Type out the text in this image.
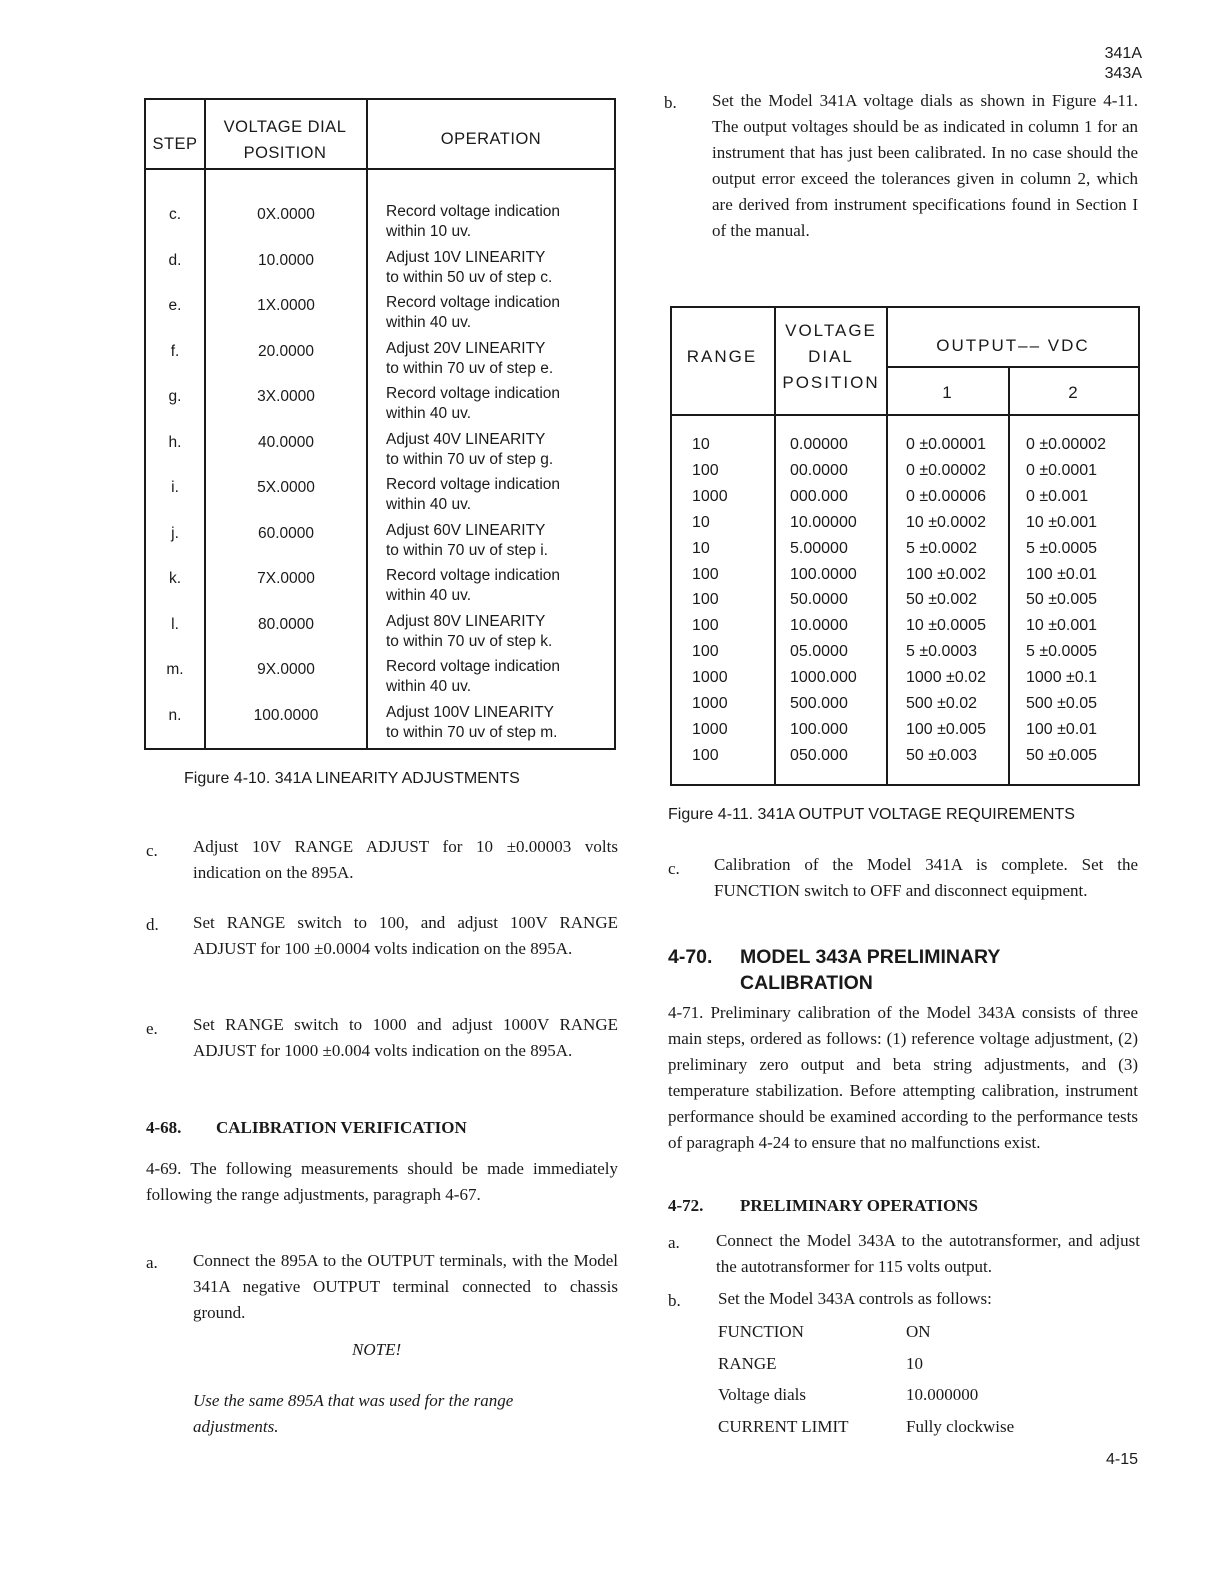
341A
343A
STEP
VOLTAGE DIAL POSITION
OPERATION
c.	0X.0000	Record voltage indication
within 10 uv.
d.	10.0000	Adjust 10V LINEARITY
to within 50 uv of step c.
e.	1X.0000	Record voltage indication
within 40 uv.
f.	20.0000	Adjust 20V LINEARITY
to within 70 uv of step e.
g.	3X.0000	Record voltage indication
within 40 uv.
h.	40.0000	Adjust 40V LINEARITY
to within 70 uv of step g.
i.	5X.0000	Record voltage indication
within 40 uv.
j.	60.0000	Adjust 60V LINEARITY
to within 70 uv of step i.
k.	7X.0000	Record voltage indication
within 40 uv.
l.	80.0000	Adjust 80V LINEARITY
to within 70 uv of step k.
m.	9X.0000	Record voltage indication
within 40 uv.
n.	100.0000	Adjust 100V LINEARITY
to within 70 uv of step m.
Figure 4-10. 341A LINEARITY ADJUSTMENTS
c. Adjust 10V RANGE ADJUST for 10 ±0.00003 volts indication on the 895A.
d. Set RANGE switch to 100, and adjust 100V RANGE ADJUST for 100 ±0.0004 volts indication on the 895A.
e. Set RANGE switch to 1000 and adjust 1000V RANGE ADJUST for 1000 ±0.004 volts indication on the 895A.
4-68. CALIBRATION VERIFICATION
4-69. The following measurements should be made immediately following the range adjustments, paragraph 4-67.
a. Connect the 895A to the OUTPUT terminals, with the Model 341A negative OUTPUT terminal connected to chassis ground.
NOTE!
Use the same 895A that was used for the range adjustments.
b. Set the Model 341A voltage dials as shown in Figure 4-11. The output voltages should be as indicated in column 1 for an instrument that has just been calibrated. In no case should the output error exceed the tolerances given in column 2, which are derived from instrument specifications found in Section I of the manual.
RANGE
VOLTAGE DIAL POSITION
OUTPUT–– VDC
1	2
10	0.00000	0 ±0.00001	0 ±0.00002
100	00.0000	0 ±0.00002	0 ±0.0001
1000	000.000	0 ±0.00006	0 ±0.001
10	10.00000	10 ±0.0002	10 ±0.001
10	5.00000	5 ±0.0002	5 ±0.0005
100	100.0000	100 ±0.002	100 ±0.01
100	50.0000	50 ±0.002	50 ±0.005
100	10.0000	10 ±0.0005	10 ±0.001
100	05.0000	5 ±0.0003	5 ±0.0005
1000	1000.000	1000 ±0.02	1000 ±0.1
1000	500.000	500 ±0.02	500 ±0.05
1000	100.000	100 ±0.005	100 ±0.01
100	050.000	50 ±0.003	50 ±0.005
Figure 4-11. 341A OUTPUT VOLTAGE REQUIREMENTS
c. Calibration of the Model 341A is complete. Set the FUNCTION switch to OFF and disconnect equipment.
4-70. MODEL 343A PRELIMINARY CALIBRATION
4-71. Preliminary calibration of the Model 343A consists of three main steps, ordered as follows: (1) reference voltage adjustment, (2) preliminary zero output and beta string adjustments, and (3) temperature stabilization. Before attempting calibration, instrument performance should be examined according to the performance tests of paragraph 4-24 to ensure that no malfunctions exist.
4-72. PRELIMINARY OPERATIONS
a. Connect the Model 343A to the autotransformer, and adjust the autotransformer for 115 volts output.
b. Set the Model 343A controls as follows:
FUNCTION	ON
RANGE	10
Voltage dials	10.000000
CURRENT LIMIT	Fully clockwise
4-15
